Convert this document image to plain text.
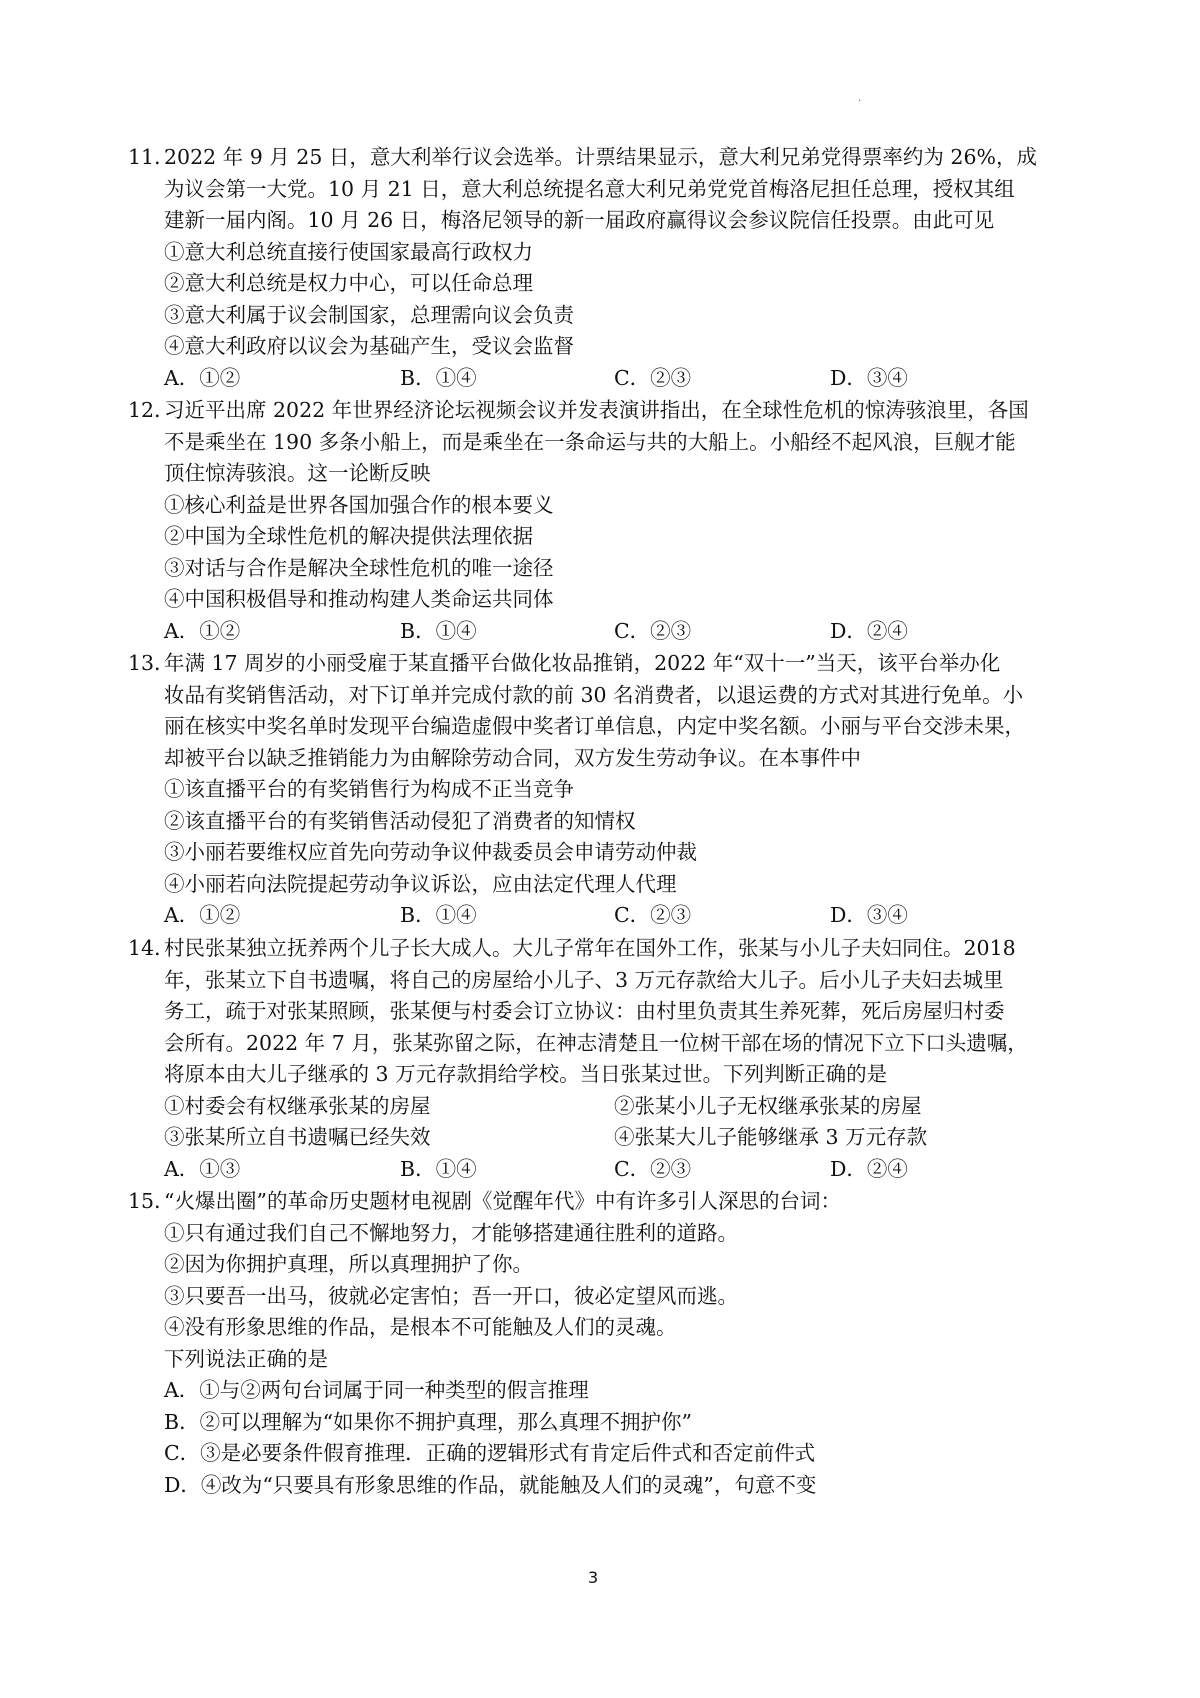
.
11．
2022 年 9 月 25 日，意大利举行议会选举。计票结果显示，意大利兄弟党得票率约为 26%，成
为议会第一大党。10 月 21 日，意大利总统提名意大利兄弟党党首梅洛尼担任总理，授权其组
建新一届内阁。10 月 26 日，梅洛尼领导的新一届政府赢得议会参议院信任投票。由此可见
①意大利总统直接行使国家最高行政权力
②意大利总统是权力中心，可以任命总理
③意大利属于议会制国家，总理需向议会负责
④意大利政府以议会为基础产生，受议会监督
A．①②	B．①④	C．②③	D．③④
12．
习近平出席 2022 年世界经济论坛视频会议并发表演讲指出，在全球性危机的惊涛骇浪里，各国
不是乘坐在 190 多条小船上，而是乘坐在一条命运与共的大船上。小船经不起风浪，巨舰才能
顶住惊涛骇浪。这一论断反映
①核心利益是世界各国加强合作的根本要义
②中国为全球性危机的解决提供法理依据
③对话与合作是解决全球性危机的唯一途径
④中国积极倡导和推动构建人类命运共同体
A．①②	B．①④	C．②③	D．②④
13．
年满 17 周岁的小丽受雇于某直播平台做化妆品推销，2022 年“双十一”当天，该平台举办化
妆品有奖销售活动，对下订单并完成付款的前 30 名消费者，以退运费的方式对其进行免单。小
丽在核实中奖名单时发现平台编造虚假中奖者订单信息，内定中奖名额。小丽与平台交涉未果，
却被平台以缺乏推销能力为由解除劳动合同，双方发生劳动争议。在本事件中
①该直播平台的有奖销售行为构成不正当竞争
②该直播平台的有奖销售活动侵犯了消费者的知情权
③小丽若要维权应首先向劳动争议仲裁委员会申请劳动仲裁
④小丽若向法院提起劳动争议诉讼，应由法定代理人代理
A．①②	B．①④	C．②③	D．③④
14．
村民张某独立抚养两个儿子长大成人。大儿子常年在国外工作，张某与小儿子夫妇同住。2018
年，张某立下自书遗嘱，将自己的房屋给小儿子、3 万元存款给大儿子。后小儿子夫妇去城里
务工，疏于对张某照顾，张某便与村委会订立协议：由村里负责其生养死葬，死后房屋归村委
会所有。2022 年 7 月，张某弥留之际，在神志清楚且一位树干部在场的情况下立下口头遗嘱，
将原本由大儿子继承的 3 万元存款捐给学校。当日张某过世。下列判断正确的是
①村委会有权继承张某的房屋	②张某小儿子无权继承张某的房屋
③张某所立自书遗嘱已经失效	④张某大儿子能够继承 3 万元存款
A．①③	B．①④	C．②③	D．②④
15．
“火爆出圈”的革命历史题材电视剧《觉醒年代》中有许多引人深思的台词：
①只有通过我们自己不懈地努力，才能够搭建通往胜利的道路。
②因为你拥护真理，所以真理拥护了你。
③只要吾一出马，彼就必定害怕；吾一开口，彼必定望风而逃。
④没有形象思维的作品，是根本不可能触及人们的灵魂。
下列说法正确的是
A．①与②两句台词属于同一种类型的假言推理
B．②可以理解为“如果你不拥护真理，那么真理不拥护你”
C．③是必要条件假育推理．正确的逻辑形式有肯定后件式和否定前件式
D．④改为“只要具有形象思维的作品，就能触及人们的灵魂”，句意不变
3
